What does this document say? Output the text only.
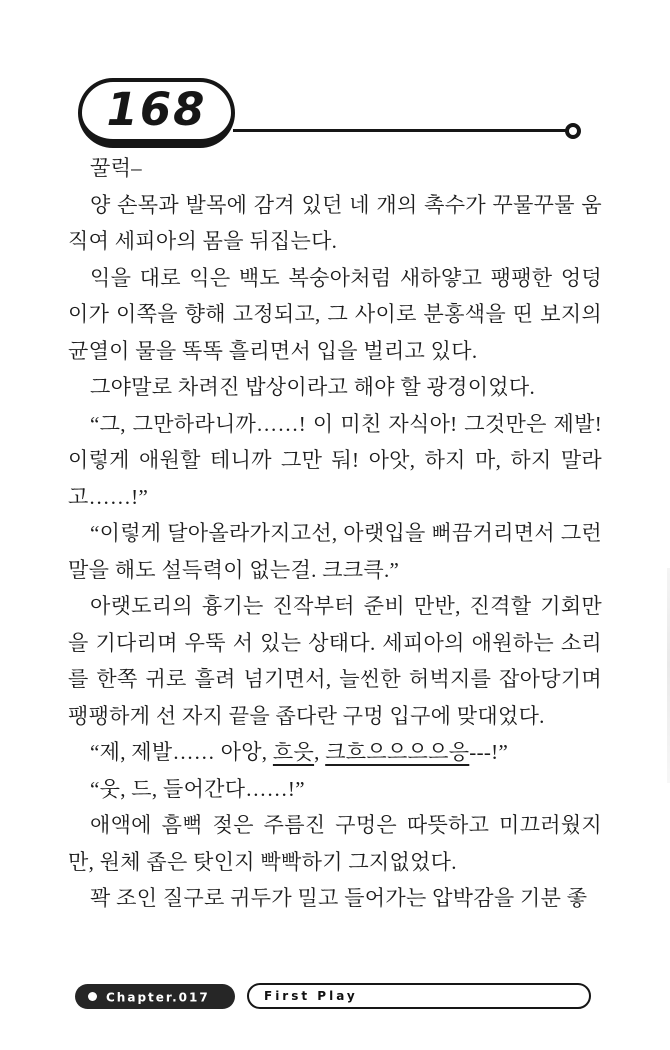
168

꿀럭–

양 손목과 발목에 감겨 있던 네 개의 촉수가 꾸물꾸물 움직여 세피아의 몸을 뒤집는다.

익을 대로 익은 백도 복숭아처럼 새하얗고 팽팽한 엉덩이가 이쪽을 향해 고정되고, 그 사이로 분홍색을 띤 보지의 균열이 물을 똑똑 흘리면서 입을 벌리고 있다.

그야말로 차려진 밥상이라고 해야 할 광경이었다.

“그, 그만하라니까……! 이 미친 자식아! 그것만은 제발! 이렇게 애원할 테니까 그만 둬! 아앗, 하지 마, 하지 말라고……!”

“이렇게 달아올라가지고선, 아랫입을 뻐끔거리면서 그런 말을 해도 설득력이 없는걸. 크크큭.”

아랫도리의 흉기는 진작부터 준비 만반, 진격할 기회만을 기다리며 우뚝 서 있는 상태다. 세피아의 애원하는 소리를 한쪽 귀로 흘려 넘기면서, 늘씬한 허벅지를 잡아당기며 팽팽하게 선 자지 끝을 좁다란 구멍 입구에 맞대었다.

“제, 제발…… 아앙, 흐읏, 크흐으으으으응---!”

“웃, 드, 들어간다……!”

애액에 흠뻑 젖은 주름진 구멍은 따뜻하고 미끄러웠지만, 원체 좁은 탓인지 빡빡하기 그지없었다.

꽉 조인 질구로 귀두가 밀고 들어가는 압박감을 기분 좋

Chapter.017	First Play
